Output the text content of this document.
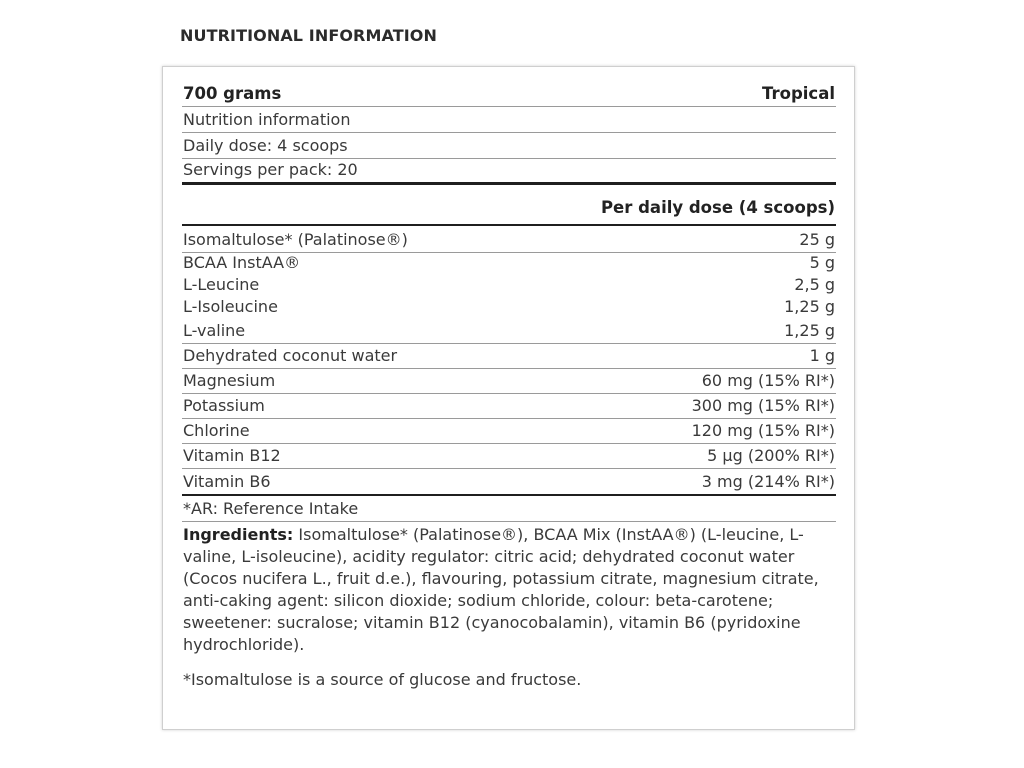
NUTRITIONAL INFORMATION
700 grams	Tropical
Nutrition information
Daily dose: 4 scoops
Servings per pack: 20
Per daily dose (4 scoops)
Isomaltulose* (Palatinose®)	25 g
BCAA InstAA®	5 g
L-Leucine	2,5 g
L-Isoleucine	1,25 g
L-valine	1,25 g
Dehydrated coconut water	1 g
Magnesium	60 mg (15% RI*)
Potassium	300 mg (15% RI*)
Chlorine	120 mg (15% RI*)
Vitamin B12	5 µg (200% RI*)
Vitamin B6	3 mg (214% RI*)
*AR: Reference Intake
Ingredients: Isomaltulose* (Palatinose®), BCAA Mix (InstAA®) (L-leucine, L-valine, L-isoleucine), acidity regulator: citric acid; dehydrated coconut water (Cocos nucifera L., fruit d.e.), flavouring, potassium citrate, magnesium citrate, anti-caking agent: silicon dioxide; sodium chloride, colour: beta-carotene; sweetener: sucralose; vitamin B12 (cyanocobalamin), vitamin B6 (pyridoxine hydrochloride).
*Isomaltulose is a source of glucose and fructose.
